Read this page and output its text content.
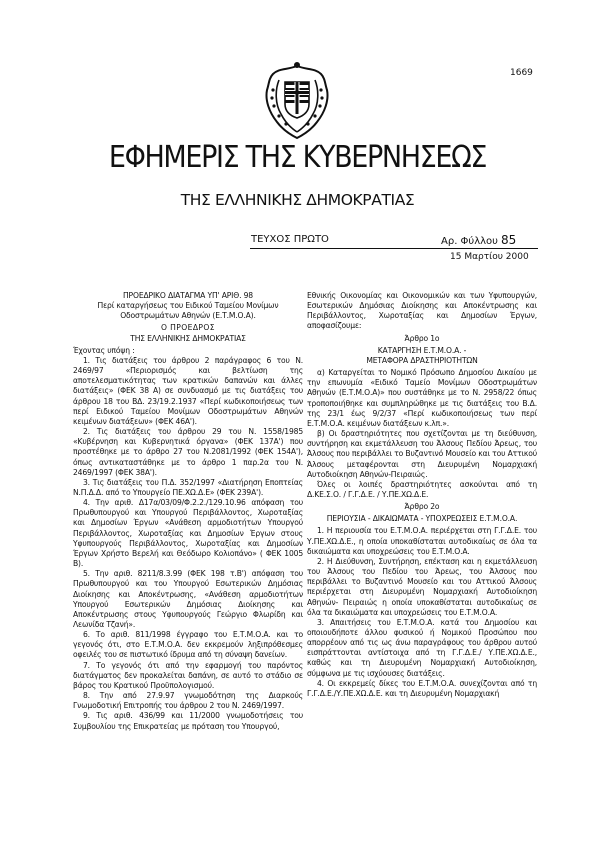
1669
ΕΦΗΜΕΡΙΣ ΤΗΣ ΚΥΒΕΡΝΗΣΕΩΣ
ΤΗΣ ΕΛΛΗΝΙΚΗΣ ΔΗΜΟΚΡΑΤΙΑΣ
ΤΕΥΧΟΣ ΠΡΩΤΟ	Αρ. Φύλλου 85
15 Μαρτίου 2000

ΠΡΟΕΔΡΙΚΟ ΔΙΑΤΑΓΜΑ ΥΠ' ΑΡΙΘ. 98

Περί καταργήσεως του Ειδικού Ταμείου Μονίμων Οδοστρωμάτων Αθηνών (Ε.Τ.Μ.Ο.Α).

Ο ΠΡΟΕΔΡΟΣ

ΤΗΣ ΕΛΛΗΝΙΚΗΣ ΔΗΜΟΚΡΑΤΙΑΣ

Έχοντας υπόψη :

1. Τις διατάξεις του άρθρου 2 παράγραφος 6 του Ν. 2469/97 «Περιορισμός και βελτίωση της αποτελεσματικότητας των κρατικών δαπανών και άλλες διατάξεις» (ΦΕΚ 38 Α) σε συνδυασμό με τις διατάξεις του άρθρου 18 του ΒΔ. 23/19.2.1937 «Περί κωδικοποιήσεως των περί Ειδικού Ταμείου Μονίμων Οδοστρωμάτων Αθηνών κειμένων διατάξεων» (ΦΕΚ 46Α').

2. Τις διατάξεις του άρθρου 29 του Ν. 1558/1985 «Κυβέρνηση και Κυβερνητικά όργανα» (ΦΕΚ 137Α') που προστέθηκε με το άρθρο 27 του Ν.2081/1992 (ΦΕΚ 154Α'), όπως αντικαταστάθηκε με το άρθρο 1 παρ.2α του Ν. 2469/1997 (ΦΕΚ 38Α').

3. Τις διατάξεις του Π.Δ. 352/1997 «Διατήρηση Εποπτείας Ν.Π.Δ.Δ. από το Υπουργείο ΠΕ.ΧΩ.Δ.Ε» (ΦΕΚ 239Α').

4. Την αριθ. Δ17α/03/09/Φ.2.2./129.10.96 απόφαση του Πρωθυπουργού και Υπουργού Περιβάλλοντος, Χωροταξίας και Δημοσίων Έργων «Ανάθεση αρμοδιοτήτων Υπουργού Περιβάλλοντος, Χωροταξίας και Δημοσίων Έργων στους Υφυπουργούς Περιβάλλοντος, Χωροταξίας και Δημοσίων Έργων Χρήστο Βερελή και Θεόδωρο Κολιοπάνο» ( ΦΕΚ 1005 Β).

5. Την αριθ. 8211/8.3.99 (ΦΕΚ 198 τ.Β') απόφαση του Πρωθυπουργού και του Υπουργού Εσωτερικών Δημόσιας Διοίκησης και Αποκέντρωσης, «Ανάθεση αρμοδιοτήτων Υπουργού Εσωτερικών Δημόσιας Διοίκησης και Αποκέντρωσης στους Υφυπουργούς Γεώργιο Φλωρίδη και Λεωνίδα Τζανή».

6. Το αριθ. 811/1998 έγγραφο του Ε.Τ.Μ.Ο.Α. και το γεγονός ότι, στο Ε.Τ.Μ.Ο.Α. δεν εκκρεμούν ληξιπρόθεσμες οφειλές του σε πιστωτικό ίδρυμα από τη σύναψη δανείων.

7. Το γεγονός ότι από την εφαρμογή του παρόντος διατάγματος δεν προκαλείται δαπάνη, σε αυτό το στάδιο σε βάρος του Κρατικού Προϋπολογισμού.

8. Την από 27.9.97 γνωμοδότηση της Διαρκούς Γνωμοδοτική Επιτροπής του άρθρου 2 του Ν. 2469/1997.

9. Τις αριθ. 436/99 και 11/2000 γνωμοδοτήσεις του Συμβουλίου της Επικρατείας με πρόταση του Υπουργού,

Εθνικής Οικονομίας και Οικονομικών και των Υφυπουργών, Εσωτερικών Δημόσιας Διοίκησης και Αποκέντρωσης και Περιβάλλοντος, Χωροταξίας και Δημοσίων Έργων, αποφασίζουμε:

Άρθρο 1ο

ΚΑΤΑΡΓΗΣΗ Ε.Τ.Μ.Ο.Α. -

ΜΕΤΑΦΟΡΑ ΔΡΑΣΤΗΡΙΟΤΗΤΩΝ

α) Καταργείται το Νομικό Πρόσωπο Δημοσίου Δικαίου με την επωνυμία «Ειδικό Ταμείο Μονίμων Οδοστρωμάτων Αθηνών (Ε.Τ.Μ.Ο.Α)» που συστάθηκε με το Ν. 2958/22 όπως τροποποιήθηκε και συμπληρώθηκε με τις διατάξεις του Β.Δ. της 23/1 έως 9/2/37 «Περί κωδικοποιήσεως των περί Ε.Τ.Μ.Ο.Α. κειμένων διατάξεων κ.λπ.».

β) Οι δραστηριότητες που σχετίζονται με τη διεύθυνση, συντήρηση και εκμετάλλευση του Άλσους Πεδίου Άρεως, του Άλσους που περιβάλλει το Βυζαντινό Μουσείο και του Αττικού Άλσους μεταφέρονται στη Διευρυμένη Νομαρχιακή Αυτοδιοίκηση Αθηνών-Πειραιώς.

Όλες οι λοιπές δραστηριότητες ασκούνται από τη Δ.ΚΕ.Σ.Ο. / Γ.Γ.Δ.Ε. / Υ.ΠΕ.ΧΩ.Δ.Ε.

Άρθρο 2ο

ΠΕΡΙΟΥΣΙΑ - ΔΙΚΑΙΩΜΑΤΑ - ΥΠΟΧΡΕΩΣΕΙΣ Ε.Τ.Μ.Ο.Α.

1. Η περιουσία του Ε.Τ.Μ.Ο.Α. περιέρχεται στη Γ.Γ.Δ.Ε. του Υ.ΠΕ.ΧΩ.Δ.Ε., η οποία υποκαθίσταται αυτοδικαίως σε όλα τα δικαιώματα και υποχρεώσεις του Ε.Τ.Μ.Ο.Α.

2. Η Διεύθυνση, Συντήρηση, επέκταση και η εκμετάλλευση του Άλσους του Πεδίου του Άρεως, του Άλσους που περιβάλλει το Βυζαντινό Μουσείο και του Αττικού Άλσους περιέρχεται στη Διευρυμένη Νομαρχιακή Αυτοδιοίκηση Αθηνών- Πειραιώς η οποία υποκαθίσταται αυτοδικαίως σε όλα τα δικαιώματα και υποχρεώσεις του Ε.Τ.Μ.Ο.Α.

3. Απαιτήσεις του Ε.Τ.Μ.Ο.Α. κατά του Δημοσίου και οποιουδήποτε άλλου φυσικού ή Νομικού Προσώπου που απορρέουν από τις ως άνω παραγράφους του άρθρου αυτού εισπράττονται αντίστοιχα από τη Γ.Γ.Δ.Ε./ Υ.ΠΕ.ΧΩ.Δ.Ε., καθώς και τη Διευρυμένη Νομαρχιακή Αυτοδιοίκηση, σύμφωνα με τις ισχύουσες διατάξεις.

4. Οι εκκρεμείς δίκες του Ε.Τ.Μ.Ο.Α. συνεχίζονται από τη Γ.Γ.Δ.Ε./Υ.ΠΕ.ΧΩ.Δ.Ε. και τη Διευρυμένη Νομαρχιακή
